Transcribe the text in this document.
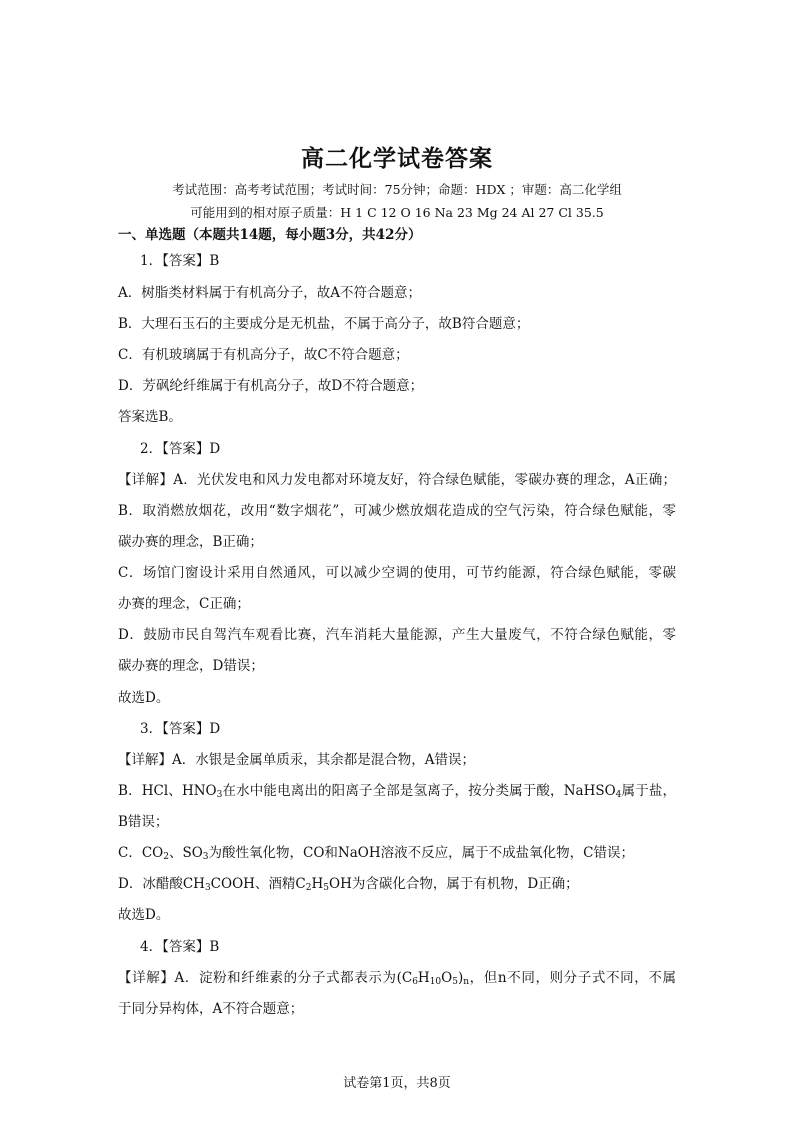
高二化学试卷答案
考试范围：高考考试范围；考试时间：75分钟；命题：HDX ；审题：高二化学组
可能用到的相对原子质量：H 1 C 12 O 16 Na 23 Mg 24 Al 27 Cl 35.5
一、单选题（本题共14题，每小题3分，共42分）
1．【答案】B
A．树脂类材料属于有机高分子，故A不符合题意；
B．大理石玉石的主要成分是无机盐，不属于高分子，故B符合题意；
C．有机玻璃属于有机高分子，故C不符合题意；
D．芳砜纶纤维属于有机高分子，故D不符合题意；
答案选B。
2．【答案】D
【详解】A．光伏发电和风力发电都对环境友好，符合绿色赋能，零碳办赛的理念，A正确；
B．取消燃放烟花，改用“数字烟花”，可减少燃放烟花造成的空气污染，符合绿色赋能，零
碳办赛的理念，B正确；
C．场馆门窗设计采用自然通风，可以减少空调的使用，可节约能源，符合绿色赋能，零碳
办赛的理念，C正确；
D．鼓励市民自驾汽车观看比赛，汽车消耗大量能源，产生大量废气，不符合绿色赋能，零
碳办赛的理念，D错误；
故选D。
3．【答案】D
【详解】A．水银是金属单质汞，其余都是混合物，A错误；
B．HCl、$HNO_3$在水中能电离出的阳离子全部是氢离子，按分类属于酸，NaHSO$_4$属于盐，
B错误；
C．$CO_2$、$SO_3$为酸性氧化物，CO和NaOH溶液不反应，属于不成盐氧化物，C错误；
D．冰醋酸$CH_3COOH$、酒精$C_2H_5OH$为含碳化合物，属于有机物，D正确；
故选D。
4．【答案】B
【详解】A．淀粉和纤维素的分子式都表示为$(C_6H_{10}O_5)_n$，但n不同，则分子式不同，不属
于同分异构体，A不符合题意；
试卷第1页，共8页
